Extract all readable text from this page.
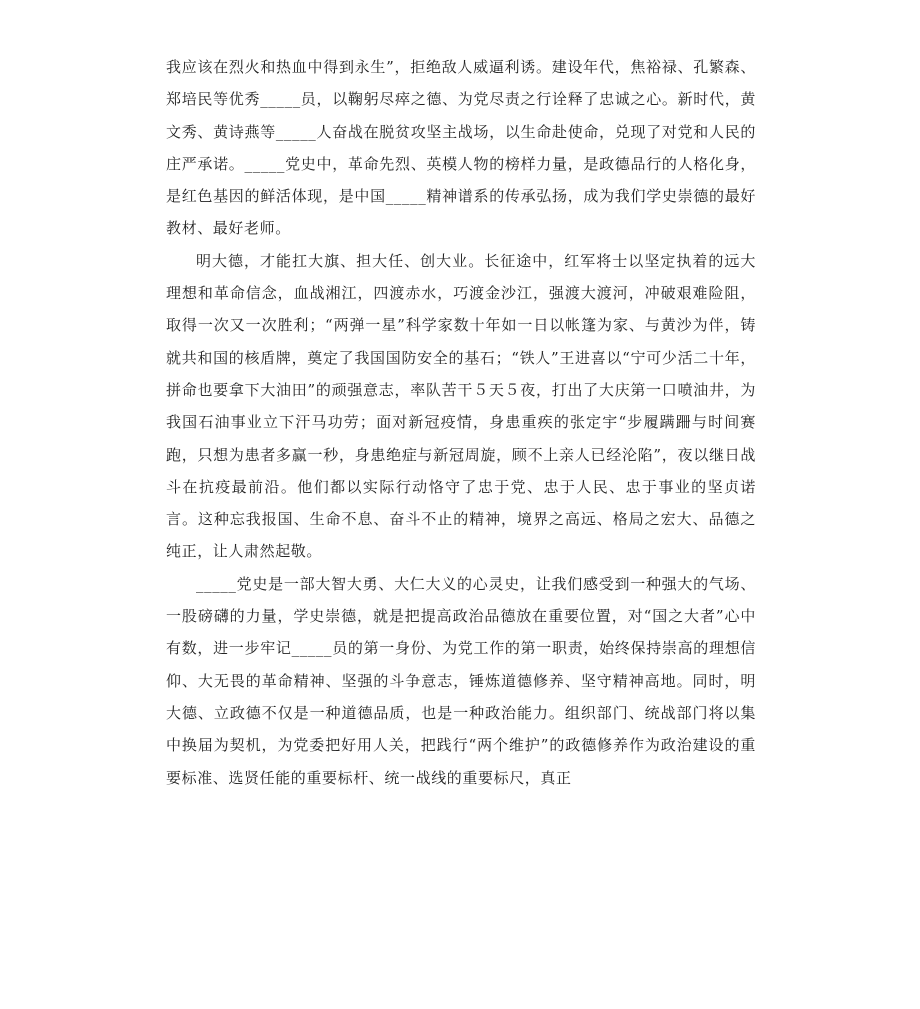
我应该在烈火和热血中得到永生”，拒绝敌人威逼利诱。建设年代，焦裕禄、孔繁森、郑培民等优秀_____员，以鞠躬尽瘁之德、为党尽责之行诠释了忠诚之心。新时代，黄文秀、黄诗燕等_____人奋战在脱贫攻坚主战场，以生命赴使命，兑现了对党和人民的庄严承诺。_____党史中，革命先烈、英模人物的榜样力量，是政德品行的人格化身，是红色基因的鲜活体现，是中国_____精神谱系的传承弘扬，成为我们学史崇德的最好教材、最好老师。

明大德，才能扛大旗、担大任、创大业。长征途中，红军将士以坚定执着的远大理想和革命信念，血战湘江，四渡赤水，巧渡金沙江，强渡大渡河，冲破艰难险阻，取得一次又一次胜利；“两弹一星”科学家数十年如一日以帐篷为家、与黄沙为伴，铸就共和国的核盾牌，奠定了我国国防安全的基石；“铁人”王进喜以“宁可少活二十年，拼命也要拿下大油田”的顽强意志，率队苦干５天５夜，打出了大庆第一口喷油井，为我国石油事业立下汗马功劳；面对新冠疫情，身患重疾的张定宇“步履蹒跚与时间赛跑，只想为患者多赢一秒，身患绝症与新冠周旋，顾不上亲人已经沦陷”，夜以继日战斗在抗疫最前沿。他们都以实际行动恪守了忠于党、忠于人民、忠于事业的坚贞诺言。这种忘我报国、生命不息、奋斗不止的精神，境界之高远、格局之宏大、品德之纯正，让人肃然起敬。

_____党史是一部大智大勇、大仁大义的心灵史，让我们感受到一种强大的气场、一股磅礴的力量，学史崇德，就是把提高政治品德放在重要位置，对“国之大者”心中有数，进一步牢记_____员的第一身份、为党工作的第一职责，始终保持崇高的理想信仰、大无畏的革命精神、坚强的斗争意志，锤炼道德修养、坚守精神高地。同时，明大德、立政德不仅是一种道德品质，也是一种政治能力。组织部门、统战部门将以集中换届为契机，为党委把好用人关，把践行“两个维护”的政德修养作为政治建设的重要标准、选贤任能的重要标杆、统一战线的重要标尺，真正
